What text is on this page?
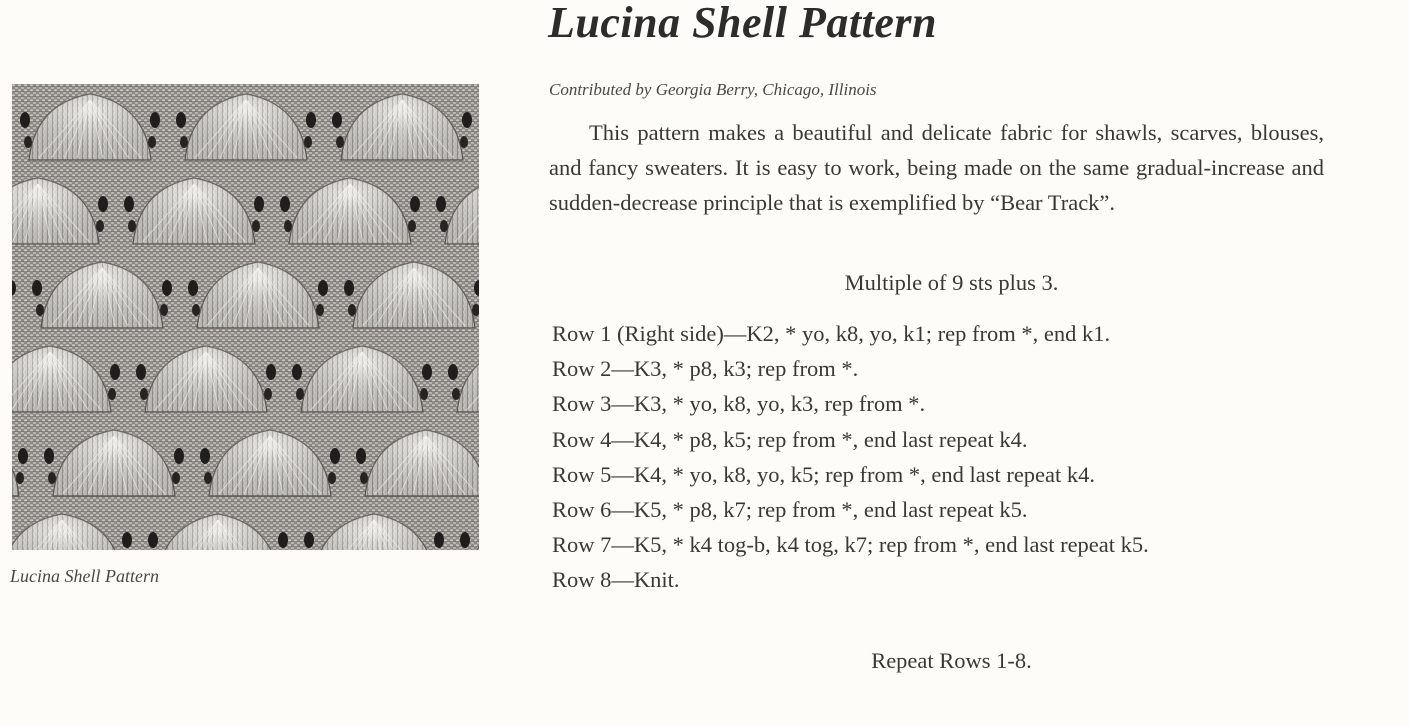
Lucina Shell Pattern
Lucina Shell Pattern
Contributed by Georgia Berry, Chicago, Illinois

This pattern makes a beautiful and delicate fabric for shawls, scarves, blouses, and fancy sweaters. It is easy to work, being made on the same gradual-increase and sudden-decrease principle that is exemplified by “Bear Track”.

Multiple of 9 sts plus 3.
Row 1 (Right side)—K2, * yo, k8, yo, k1; rep from *, end k1.
Row 2—K3, * p8, k3; rep from *.
Row 3—K3, * yo, k8, yo, k3, rep from *.
Row 4—K4, * p8, k5; rep from *, end last repeat k4.
Row 5—K4, * yo, k8, yo, k5; rep from *, end last repeat k4.
Row 6—K5, * p8, k7; rep from *, end last repeat k5.
Row 7—K5, * k4 tog-b, k4 tog, k7; rep from *, end last repeat k5.
Row 8—Knit.
Repeat Rows 1-8.
